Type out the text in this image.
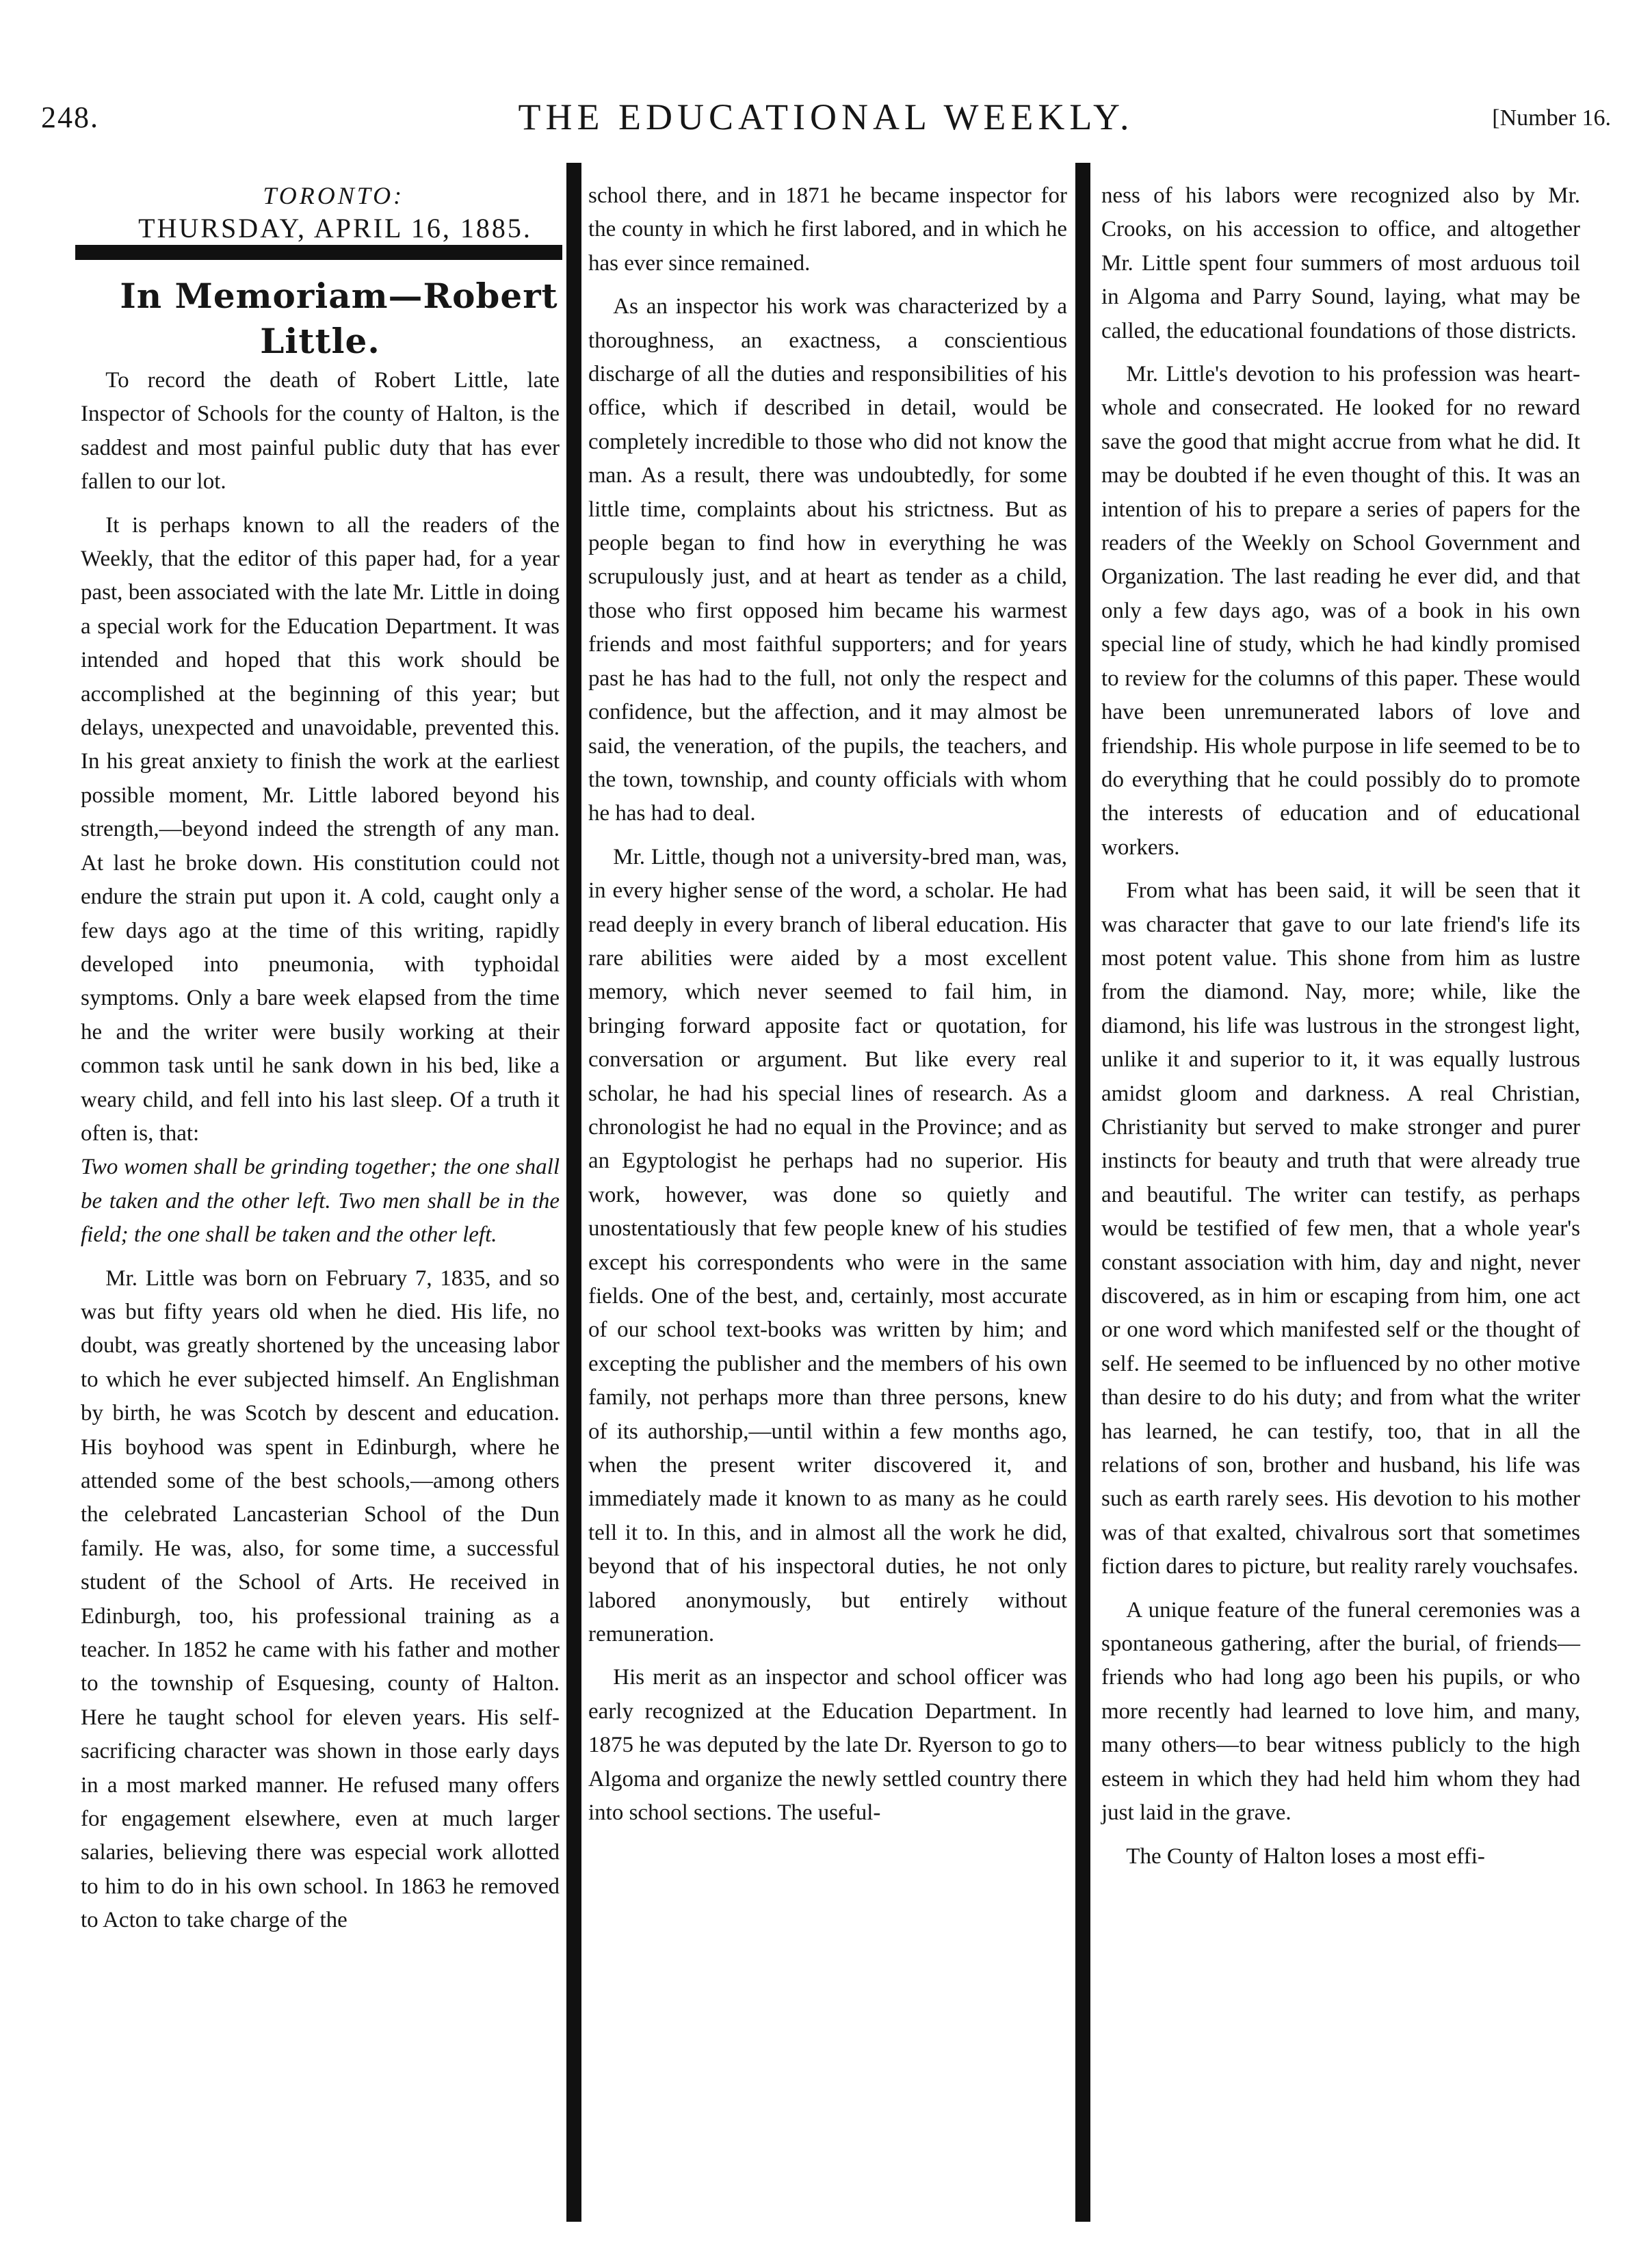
248.	THE EDUCATIONAL WEEKLY.	[Number 16.

TORONTO:

THURSDAY, APRIL 16, 1885.

In Memoriam—Robert Little.

To record the death of Robert Little, late Inspector of Schools for the county of Halton, is the saddest and most painful public duty that has ever fallen to our lot.

It is perhaps known to all the readers of the Weekly, that the editor of this paper had, for a year past, been associated with the late Mr. Little in doing a special work for the Education Department. It was intended and hoped that this work should be accomplished at the beginning of this year; but delays, unexpected and unavoidable, prevented this. In his great anxiety to finish the work at the earliest possible moment, Mr. Little labored beyond his strength,—beyond indeed the strength of any man. At last he broke down. His constitution could not endure the strain put upon it. A cold, caught only a few days ago at the time of this writing, rapidly developed into pneumonia, with typhoidal symptoms. Only a bare week elapsed from the time he and the writer were busily working at their common task until he sank down in his bed, like a weary child, and fell into his last sleep. Of a truth it often is, that:

Two women shall be grinding together; the one shall be taken and the other left. Two men shall be in the field; the one shall be taken and the other left.

Mr. Little was born on February 7, 1835, and so was but fifty years old when he died. His life, no doubt, was greatly shortened by the unceasing labor to which he ever subjected himself. An Englishman by birth, he was Scotch by descent and education. His boyhood was spent in Edinburgh, where he attended some of the best schools,—among others the celebrated Lancasterian School of the Dun family. He was, also, for some time, a successful student of the School of Arts. He received in Edinburgh, too, his professional training as a teacher. In 1852 he came with his father and mother to the township of Esquesing, county of Halton. Here he taught school for eleven years. His self-sacrificing character was shown in those early days in a most marked manner. He refused many offers for engagement elsewhere, even at much larger salaries, believing there was especial work allotted to him to do in his own school. In 1863 he removed to Acton to take charge of the

school there, and in 1871 he became inspector for the county in which he first labored, and in which he has ever since remained.

As an inspector his work was characterized by a thoroughness, an exactness, a conscientious discharge of all the duties and responsibilities of his office, which if described in detail, would be completely incredible to those who did not know the man. As a result, there was undoubtedly, for some little time, complaints about his strictness. But as people began to find how in everything he was scrupulously just, and at heart as tender as a child, those who first opposed him became his warmest friends and most faithful supporters; and for years past he has had to the full, not only the respect and confidence, but the affection, and it may almost be said, the veneration, of the pupils, the teachers, and the town, township, and county officials with whom he has had to deal.

Mr. Little, though not a university-bred man, was, in every higher sense of the word, a scholar. He had read deeply in every branch of liberal education. His rare abilities were aided by a most excellent memory, which never seemed to fail him, in bringing forward apposite fact or quotation, for conversation or argument. But like every real scholar, he had his special lines of research. As a chronologist he had no equal in the Province; and as an Egyptologist he perhaps had no superior. His work, however, was done so quietly and unostentatiously that few people knew of his studies except his correspondents who were in the same fields. One of the best, and, certainly, most accurate of our school text-books was written by him; and excepting the publisher and the members of his own family, not perhaps more than three persons, knew of its authorship,—until within a few months ago, when the present writer discovered it, and immediately made it known to as many as he could tell it to. In this, and in almost all the work he did, beyond that of his inspectoral duties, he not only labored anonymously, but entirely without remuneration.

His merit as an inspector and school officer was early recognized at the Education Department. In 1875 he was deputed by the late Dr. Ryerson to go to Algoma and organize the newly settled country there into school sections. The useful-

ness of his labors were recognized also by Mr. Crooks, on his accession to office, and altogether Mr. Little spent four summers of most arduous toil in Algoma and Parry Sound, laying, what may be called, the educational foundations of those districts.

Mr. Little's devotion to his profession was heart-whole and consecrated. He looked for no reward save the good that might accrue from what he did. It may be doubted if he even thought of this. It was an intention of his to prepare a series of papers for the readers of the Weekly on School Government and Organization. The last reading he ever did, and that only a few days ago, was of a book in his own special line of study, which he had kindly promised to review for the columns of this paper. These would have been unremunerated labors of love and friendship. His whole purpose in life seemed to be to do everything that he could possibly do to promote the interests of education and of educational workers.

From what has been said, it will be seen that it was character that gave to our late friend's life its most potent value. This shone from him as lustre from the diamond. Nay, more; while, like the diamond, his life was lustrous in the strongest light, unlike it and superior to it, it was equally lustrous amidst gloom and darkness. A real Christian, Christianity but served to make stronger and purer instincts for beauty and truth that were already true and beautiful. The writer can testify, as perhaps would be testified of few men, that a whole year's constant association with him, day and night, never discovered, as in him or escaping from him, one act or one word which manifested self or the thought of self. He seemed to be influenced by no other motive than desire to do his duty; and from what the writer has learned, he can testify, too, that in all the relations of son, brother and husband, his life was such as earth rarely sees. His devotion to his mother was of that exalted, chivalrous sort that sometimes fiction dares to picture, but reality rarely vouchsafes.

A unique feature of the funeral ceremonies was a spontaneous gathering, after the burial, of friends—friends who had long ago been his pupils, or who more recently had learned to love him, and many, many others—to bear witness publicly to the high esteem in which they had held him whom they had just laid in the grave.

The County of Halton loses a most effi-
